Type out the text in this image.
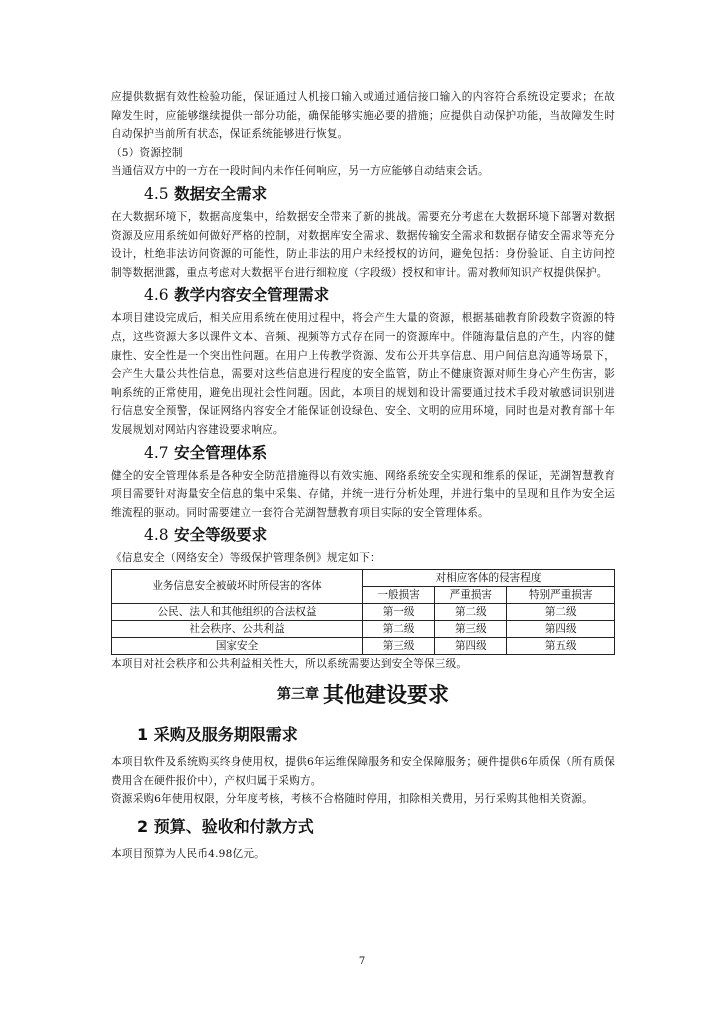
应提供数据有效性检验功能，保证通过人机接口输入或通过通信接口输入的内容符合系统设定要求；在故障发生时，应能够继续提供一部分功能，确保能够实施必要的措施；应提供自动保护功能，当故障发生时自动保护当前所有状态，保证系统能够进行恢复。

（5）资源控制

当通信双方中的一方在一段时间内未作任何响应，另一方应能够自动结束会话。

4.5 数据安全需求

在大数据环境下，数据高度集中，给数据安全带来了新的挑战。需要充分考虑在大数据环境下部署对数据资源及应用系统如何做好严格的控制，对数据库安全需求、数据传输安全需求和数据存储安全需求等充分设计，杜绝非法访问资源的可能性，防止非法的用户未经授权的访问，避免包括：身份验证、自主访问控制等数据泄露，重点考虑对大数据平台进行细粒度（字段级）授权和审计。需对教师知识产权提供保护。

4.6 教学内容安全管理需求

本项目建设完成后，相关应用系统在使用过程中，将会产生大量的资源，根据基础教育阶段数字资源的特点，这些资源大多以课件文本、音频、视频等方式存在同一的资源库中。伴随海量信息的产生，内容的健康性、安全性是一个突出性问题。在用户上传教学资源、发布公开共享信息、用户间信息沟通等场景下，会产生大量公共性信息，需要对这些信息进行程度的安全监管，防止不健康资源对师生身心产生伤害，影响系统的正常使用，避免出现社会性问题。因此，本项目的规划和设计需要通过技术手段对敏感词识别进行信息安全预警，保证网络内容安全才能保证创设绿色、安全、文明的应用环境，同时也是对教育部十年发展规划对网站内容建设要求响应。

4.7 安全管理体系

健全的安全管理体系是各种安全防范措施得以有效实施、网络系统安全实现和维系的保证，芜湖智慧教育项目需要针对海量安全信息的集中采集、存储，并统一进行分析处理，并进行集中的呈现和且作为安全运维流程的驱动。同时需要建立一套符合芜湖智慧教育项目实际的安全管理体系。

4.8 安全等级要求

《信息安全（网络安全）等级保护管理条例》规定如下：

业务信息安全被破坏时所侵害的客体	对相应客体的侵害程度		
	一般损害	严重损害	特别严重损害
公民、法人和其他组织的合法权益	第一级	第二级	第二级
社会秩序、公共利益	第二级	第三级	第四级
国家安全	第三级	第四级	第五级

本项目对社会秩序和公共利益相关性大，所以系统需要达到安全等保三级。

第三章 其他建设要求
1 采购及服务期限需求

本项目软件及系统购买终身使用权，提供6年运维保障服务和安全保障服务；硬件提供6年质保（所有质保费用含在硬件报价中），产权归属于采购方。

资源采购6年使用权限，分年度考核，考核不合格随时停用，扣除相关费用，另行采购其他相关资源。

2 预算、验收和付款方式

本项目预算为人民币4.98亿元。

7
